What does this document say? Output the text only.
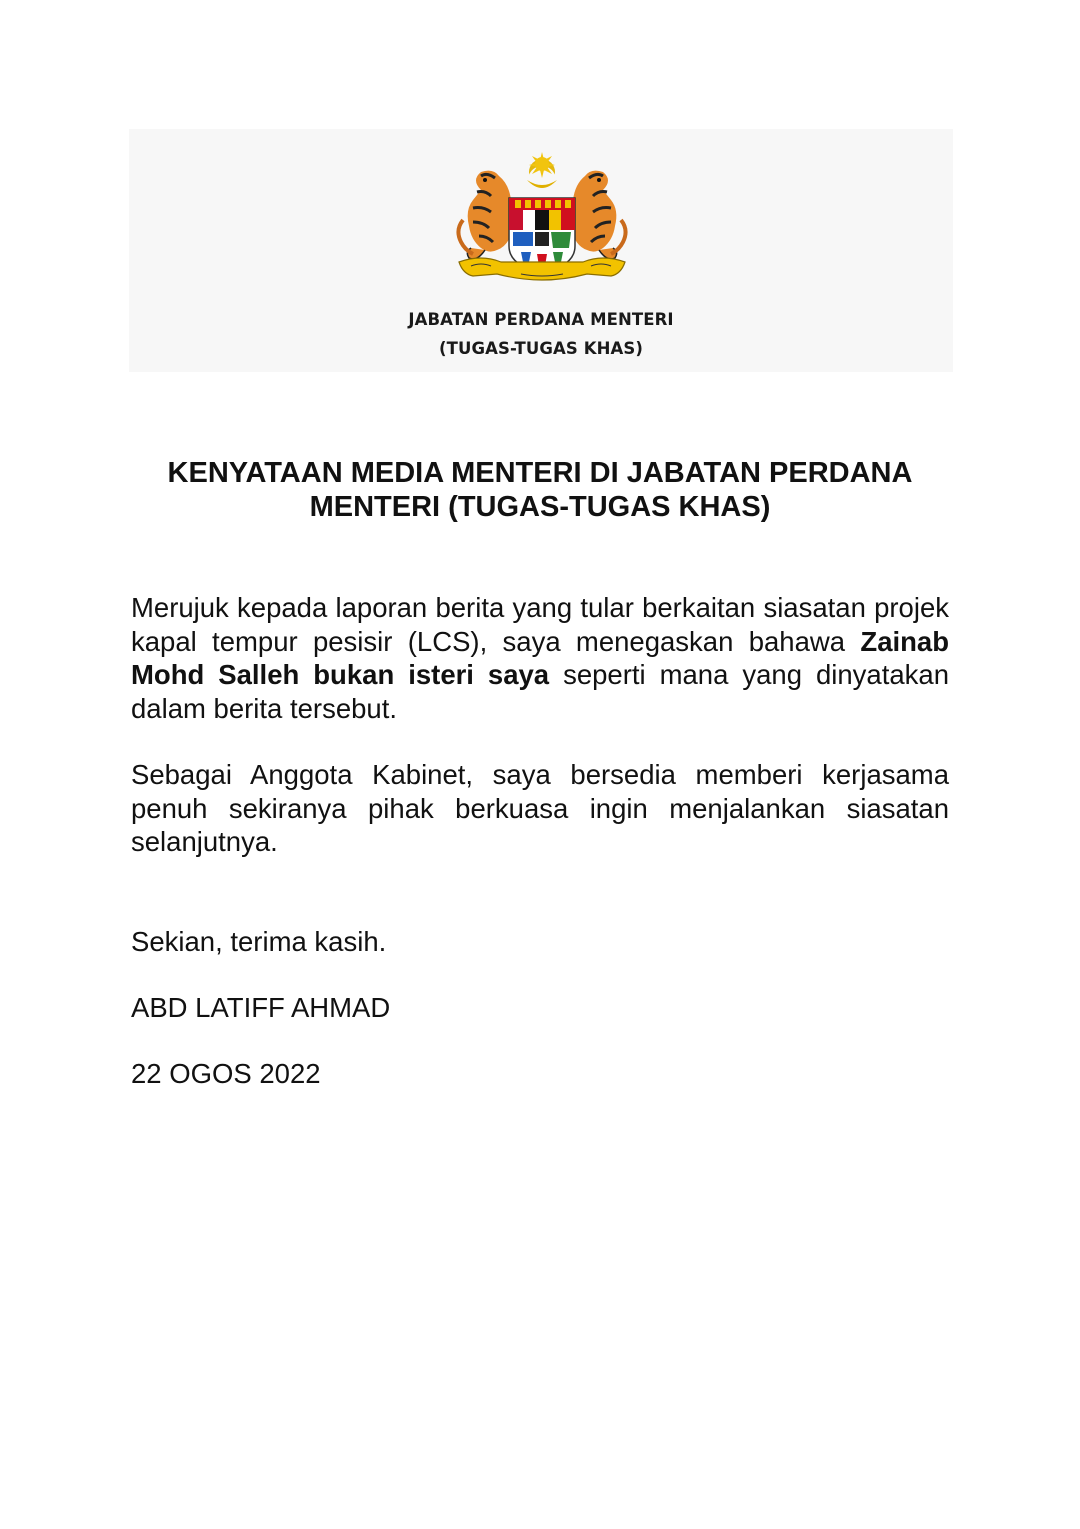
JABATAN PERDANA MENTERI
(TUGAS-TUGAS KHAS)
KENYATAAN MEDIA MENTERI DI JABATAN PERDANA MENTERI (TUGAS-TUGAS KHAS)
Merujuk kepada laporan berita yang tular berkaitan siasatan projek kapal tempur pesisir (LCS), saya menegaskan bahawa Zainab Mohd Salleh bukan isteri saya seperti mana yang dinyatakan dalam berita tersebut.
Sebagai Anggota Kabinet, saya bersedia memberi kerjasama penuh sekiranya pihak berkuasa ingin menjalankan siasatan selanjutnya.
Sekian, terima kasih.
ABD LATIFF AHMAD
22 OGOS 2022
